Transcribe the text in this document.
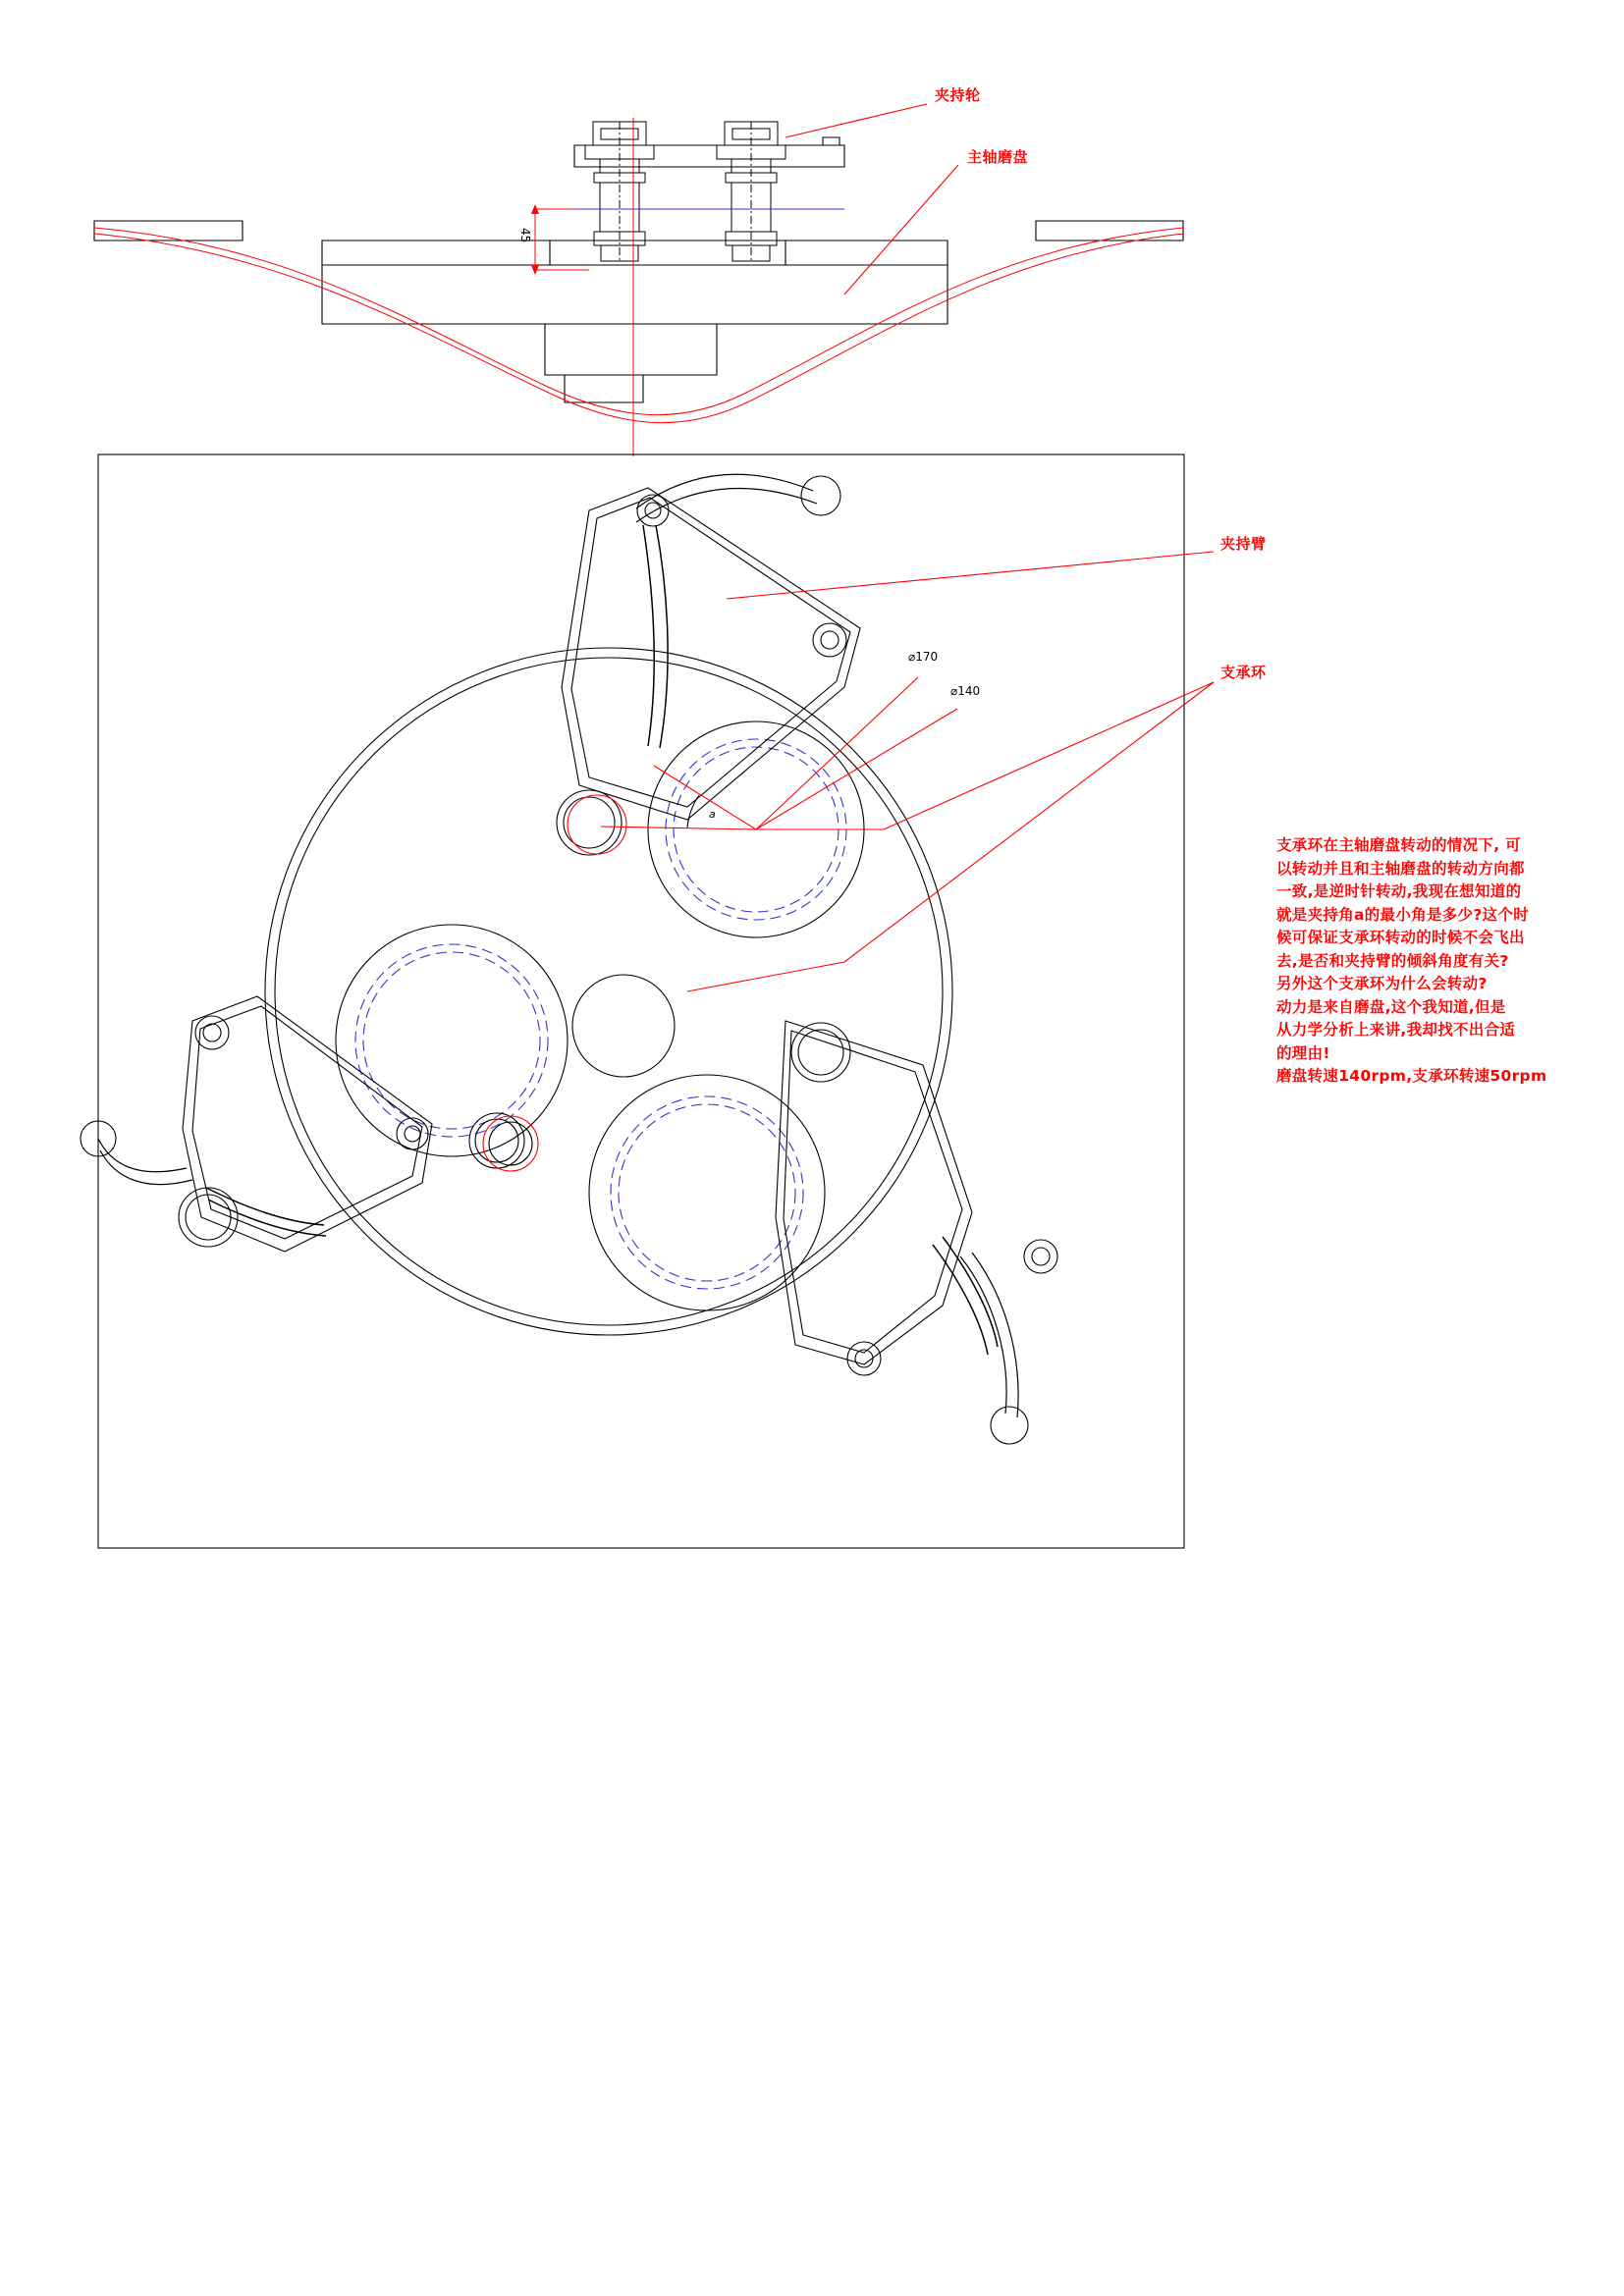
夹持轮
主轴磨盘
夹持臂
支承环
45
⌀170
⌀140
a

支承环在主轴磨盘转动的情况下, 可

以转动并且和主轴磨盘的转动方向都

一致,是逆时针转动,我现在想知道的

就是夹持角a的最小角是多少?这个时

候可保证支承环转动的时候不会飞出

去,是否和夹持臂的倾斜角度有关?

另外这个支承环为什么会转动?

动力是来自磨盘,这个我知道,但是

从力学分析上来讲,我却找不出合适

的理由!

磨盘转速140rpm,支承环转速50rpm
